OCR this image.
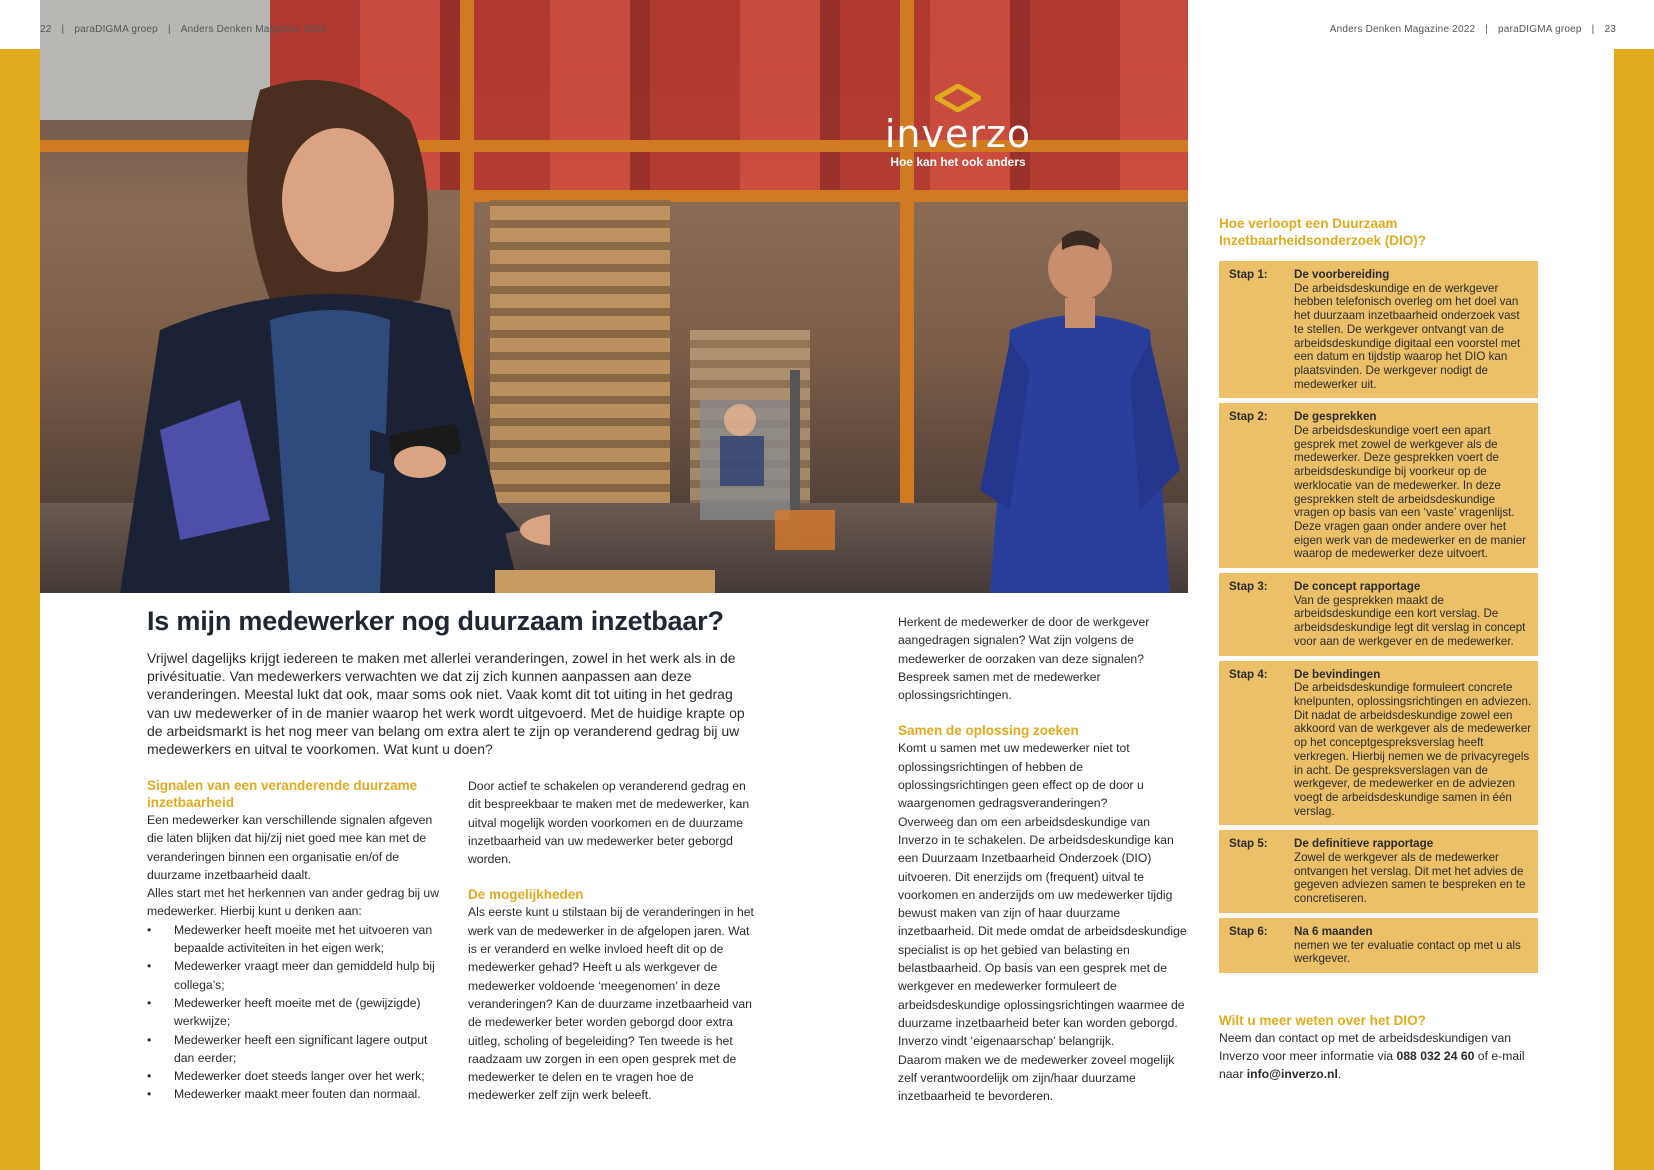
inverzo
Hoe kan het ook anders
22 | paraDIGMA groep | Anders Denken Magazine 2022	Anders Denken Magazine 2022 | paraDIGMA groep | 23
Is mijn medewerker nog duurzaam inzetbaar?

Vrijwel dagelijks krijgt iedereen te maken met allerlei veranderingen, zowel in het werk als in de privésituatie. Van medewerkers verwachten we dat zij zich kunnen aanpassen aan deze veranderingen. Meestal lukt dat ook, maar soms ook niet. Vaak komt dit tot uiting in het gedrag van uw medewerker of in de manier waarop het werk wordt uitgevoerd. Met de huidige krapte op de arbeidsmarkt is het nog meer van belang om extra alert te zijn op veranderend gedrag bij uw medewerkers en uitval te voorkomen. Wat kunt u doen?

Signalen van een veranderende duurzame inzetbaarheid

Een medewerker kan verschillende signalen afgeven die laten blijken dat hij/zij niet goed mee kan met de veranderingen binnen een organisatie en/of de duurzame inzetbaarheid daalt.

Alles start met het herkennen van ander gedrag bij uw medewerker. Hierbij kunt u denken aan:

• Medewerker heeft moeite met het uitvoeren van bepaalde activiteiten in het eigen werk;
• Medewerker vraagt meer dan gemiddeld hulp bij collega’s;
• Medewerker heeft moeite met de (gewijzigde) werkwijze;
• Medewerker heeft een significant lagere output dan eerder;
• Medewerker doet steeds langer over het werk;
• Medewerker maakt meer fouten dan normaal.

Door actief te schakelen op veranderend gedrag en dit bespreekbaar te maken met de medewerker, kan uitval mogelijk worden voorkomen en de duurzame inzetbaarheid van uw medewerker beter geborgd worden.

De mogelijkheden

Als eerste kunt u stilstaan bij de veranderingen in het werk van de medewerker in de afgelopen jaren. Wat is er veranderd en welke invloed heeft dit op de medewerker gehad? Heeft u als werkgever de medewerker voldoende ‘meegenomen’ in deze veranderingen? Kan de duurzame inzetbaarheid van de medewerker beter worden geborgd door extra uitleg, scholing of begeleiding? Ten tweede is het raadzaam uw zorgen in een open gesprek met de medewerker te delen en te vragen hoe de medewerker zelf zijn werk beleeft.

Herkent de medewerker de door de werkgever aangedragen signalen? Wat zijn volgens de medewerker de oorzaken van deze signalen? Bespreek samen met de medewerker oplossingsrichtingen.

Samen de oplossing zoeken

Komt u samen met uw medewerker niet tot oplossingsrichtingen of hebben de oplossingsrichtingen geen effect op de door u waargenomen gedragsveranderingen?

Overweeg dan om een arbeidsdeskundige van Inverzo in te schakelen. De arbeidsdeskundige kan een Duurzaam Inzetbaarheid Onderzoek (DIO) uitvoeren. Dit enerzijds om (frequent) uitval te voorkomen en anderzijds om uw medewerker tijdig bewust maken van zijn of haar duurzame inzetbaarheid. Dit mede omdat de arbeidsdeskundige specialist is op het gebied van belasting en belastbaarheid. Op basis van een gesprek met de werkgever en medewerker formuleert de arbeidsdeskundige oplossingsrichtingen waarmee de duurzame inzetbaarheid beter kan worden geborgd. Inverzo vindt ‘eigenaarschap’ belangrijk.

Daarom maken we de medewerker zoveel mogelijk zelf verantwoordelijk om zijn/haar duurzame inzetbaarheid te bevorderen.

Hoe verloopt een Duurzaam Inzetbaarheidsonderzoek (DIO)?
Stap 1:	De voorbereiding
De arbeidsdeskundige en de werkgever hebben telefonisch overleg om het doel van het duurzaam inzetbaarheid onderzoek vast te stellen. De werkgever ontvangt van de arbeidsdeskundige digitaal een voorstel met een datum en tijdstip waarop het DIO kan plaatsvinden. De werkgever nodigt de medewerker uit.
Stap 2:	De gesprekken
De arbeidsdeskundige voert een apart gesprek met zowel de werkgever als de medewerker. Deze gesprekken voert de arbeidsdeskundige bij voorkeur op de werklocatie van de medewerker. In deze gesprekken stelt de arbeidsdeskundige vragen op basis van een ‘vaste’ vragenlijst. Deze vragen gaan onder andere over het eigen werk van de medewerker en de manier waarop de medewerker deze uitvoert.
Stap 3:	De concept rapportage
Van de gesprekken maakt de arbeidsdeskundige een kort verslag. De arbeidsdeskundige legt dit verslag in concept voor aan de werkgever en de medewerker.
Stap 4:	De bevindingen
De arbeidsdeskundige formuleert concrete knelpunten, oplossingsrichtingen en adviezen. Dit nadat de arbeidsdeskundige zowel een akkoord van de werkgever als de medewerker op het conceptgespreksverslag heeft verkregen. Hierbij nemen we de privacyregels in acht. De gespreksverslagen van de werkgever, de medewerker en de adviezen voegt de arbeidsdeskundige samen in één verslag.
Stap 5:	De definitieve rapportage
Zowel de werkgever als de medewerker ontvangen het verslag. Dit met het advies de gegeven adviezen samen te bespreken en te concretiseren.
Stap 6:	Na 6 maanden
nemen we ter evaluatie contact op met u als werkgever.
Wilt u meer weten over het DIO?

Neem dan contact op met de arbeidsdeskundigen van Inverzo voor meer informatie via 088 032 24 60 of e-mail naar info@inverzo.nl.
